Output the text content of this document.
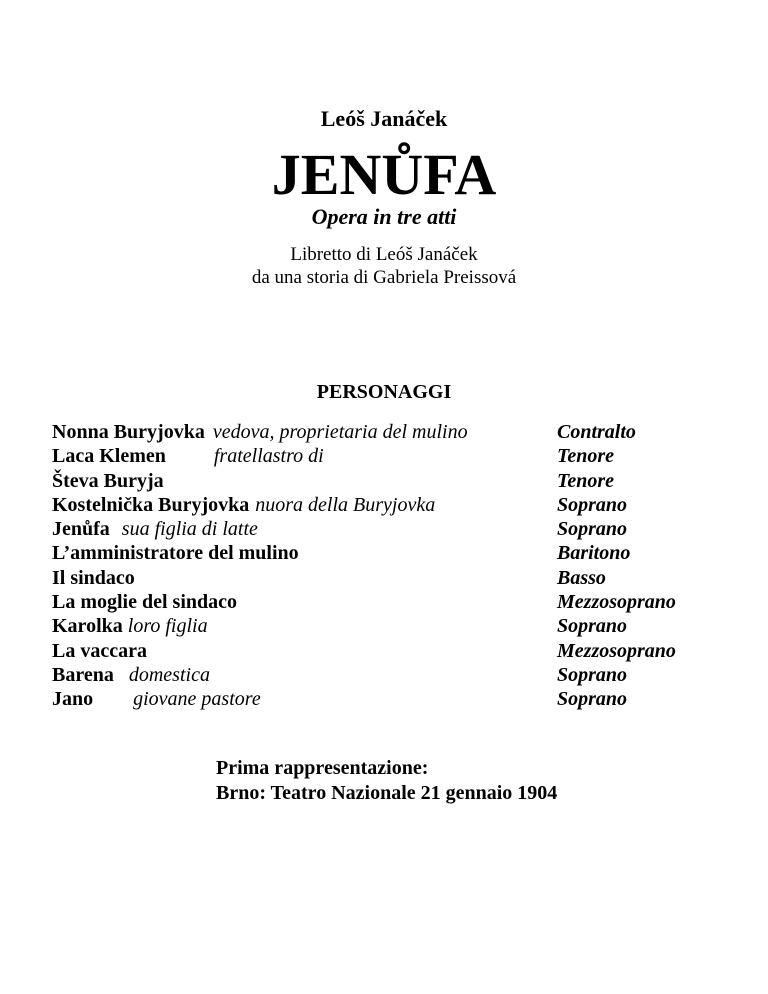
Leóš Janáček
JENŮFA
Opera in tre atti
Libretto di Leóš Janáček
da una storia di Gabriela Preissová
PERSONAGGI
Nonna Buryjovka vedova, proprietaria del mulino	Contralto
Laca Klemen fratellastro di	Tenore
Števa Buryja	Tenore
Kostelnička Buryjovka nuora della Buryjovka	Soprano
Jenůfa sua figlia di latte	Soprano
L’amministratore del mulino	Baritono
Il sindaco	Basso
La moglie del sindaco	Mezzosoprano
Karolka loro figlia	Soprano
La vaccara	Mezzosoprano
Barena domestica	Soprano
Jano giovane pastore	Soprano
Prima rappresentazione:
Brno: Teatro Nazionale 21 gennaio 1904
